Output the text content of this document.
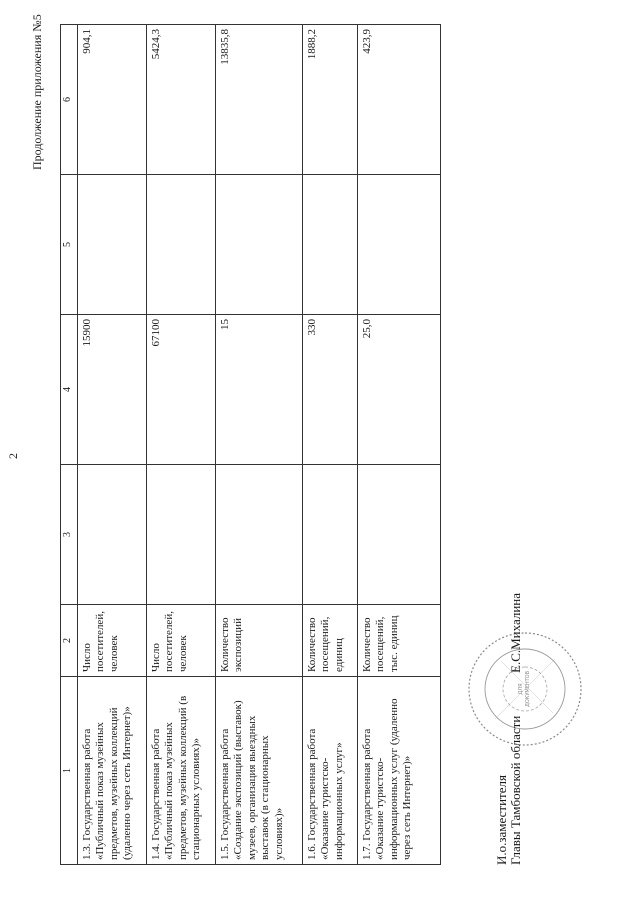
2
Продолжение приложения №5
1	2	3	4	5	6
1.3. Государственная работа «Публичный показ музейных предметов, музейных коллекций (удаленно через сеть Интернет)»	Число посетителей, человек		15900		904,1
1.4. Государственная работа «Публичный показ музейных предметов, музейных коллекций (в стационарных условиях)»	Число посетителей, человек		67100		5424,3
1.5. Государственная работа «Создание экспозиций (выставок) музеев, организация выездных выставок (в стационарных условиях)»	Количество экспозиций		15		13835,8
1.6. Государственная работа «Оказание туристско-информационных услуг»	Количество посещений, единиц		330		1888,2
1.7. Государственная работа «Оказание туристско-информационных услуг (удаленно через сеть Интернет)»	Количество посещений, тыс. единиц		25,0		423,9
ДЛЯ ДОКУМЕНТОВ
И.о.заместителя
Главы Тамбовской области
Е.С.Михалина
